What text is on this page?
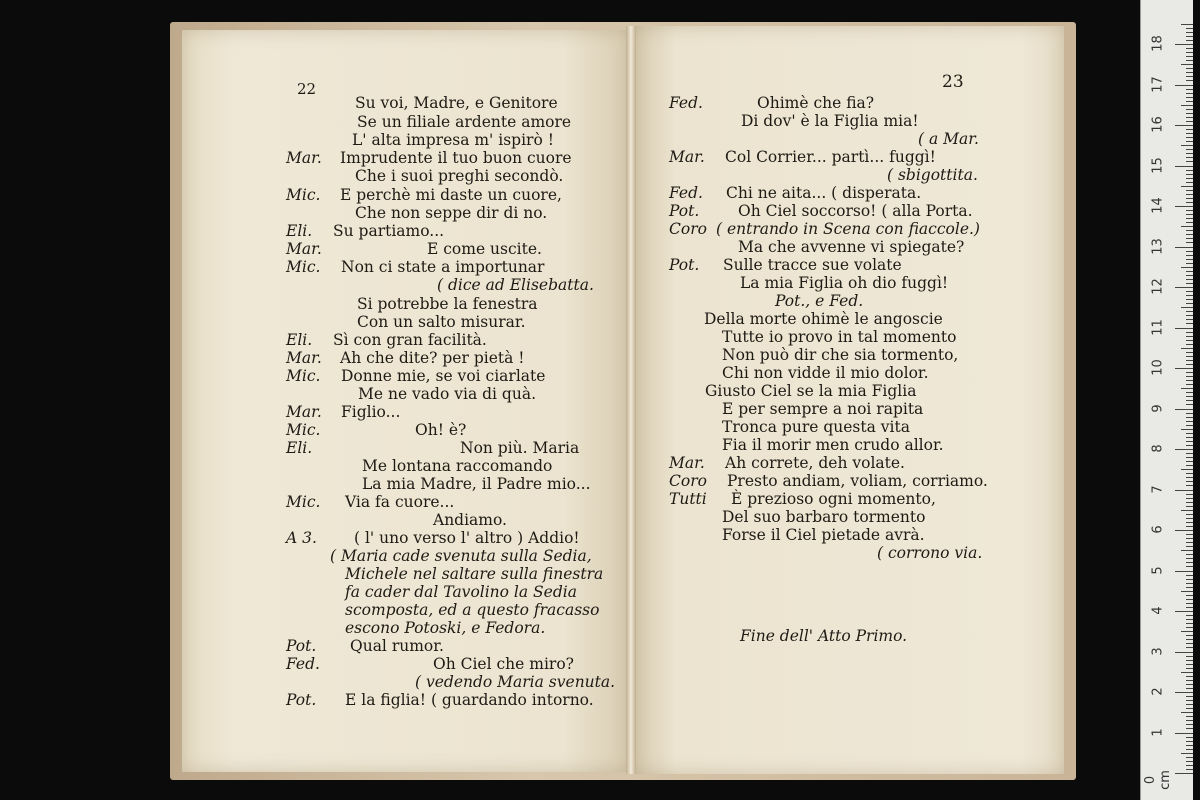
22	23
Su voi, Madre, e Genitore
Se un filiale ardente amore
L' alta impresa m' ispirò !
Mar. Imprudente il tuo buon cuore
Che i suoi preghi secondò.
Mic. E perchè mi daste un cuore,
Che non seppe dir di no.
Eli. Su partiamo...
Mar.	E come uscite.
Mic. Non ci state a importunar
( dice ad Elisebatta.
Si potrebbe la fenestra
Con un salto misurar.
Eli. Sì con gran facilità.
Mar. Ah che dite? per pietà !
Mic. Donne mie, se voi ciarlate
Me ne vado via di quà.
Mar. Figlio...
Mic.	Oh! è?
Eli.	Non più. Maria
Me lontana raccomando
La mia Madre, il Padre mio...
Mic. Via fa cuore...
Andiamo.
A 3. ( l' uno verso l' altro ) Addio!
( Maria cade svenuta sulla Sedia,
Michele nel saltare sulla finestra
fa cader dal Tavolino la Sedia
scomposta, ed a questo fracasso
escono Potoski, e Fedora.
Pot. Qual rumor.
Fed.	Oh Ciel che miro?
( vedendo Maria svenuta.
Pot. E la figlia! ( guardando intorno.
Fed.	Ohimè che fia?
Di dov' è la Figlia mia!
( a Mar.
Mar. Col Corrier... partì... fuggì!
( sbigottita.
Fed. Chi ne aita... ( disperata.
Pot. Oh Ciel soccorso! ( alla Porta.
Coro ( entrando in Scena con fiaccole.)
Ma che avvenne vi spiegate?
Pot. Sulle tracce sue volate
La mia Figlia oh dio fuggì!
Pot., e Fed.
Della morte ohimè le angoscie
Tutte io provo in tal momento
Non può dir che sia tormento,
Chi non vidde il mio dolor.
Giusto Ciel se la mia Figlia
E per sempre a noi rapita
Tronca pure questa vita
Fia il morir men crudo allor.
Mar. Ah correte, deh volate.
Coro Presto andiam, voliam, corriamo.
Tutti È prezioso ogni momento,
Del suo barbaro tormento
Forse il Ciel pietade avrà.
( corrono via.
Fine dell' Atto Primo.
0 cm
1
2
3
4
5
6
7
8
9
10
11
12
13
14
15
16
17
18
